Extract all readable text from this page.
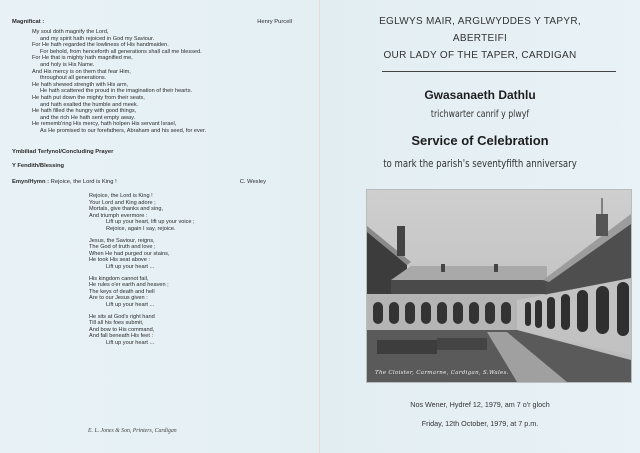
Magnificat :	Henry Purcell
My soul doth magnify the Lord,
and my spirit hath rejoiced in God my Saviour.
For He hath regarded the lowliness of His handmaiden.
For behold, from henceforth all generations shall call me blessed.
For He that is mighty hath magnified me,
and holy is His Name.
And His mercy is on them that fear Him,
throughout all generations.
He hath shewed strength with His arm,
He hath scattered the proud in the imagination of their hearts.
He hath put down the mighty from their seats,
and hath exalted the humble and meek.
He hath filled the hungry with good things,
and the rich He hath sent empty away.
He rememb'ring His mercy, hath holpen His servant Israel,
As He promised to our forefathers, Abraham and his seed, for ever.
Ymbiliad Terfynol/Concluding Prayer
Y Fendith/Blessing
Emyn/Hymn : Rejoice, the Lord is King !	C. Wesley
Rejoice, the Lord is King !
Your Lord and King adore ;
Mortals, give thanks and sing,
And triumph evermore :
Lift up your heart, lift up your voice ;
Rejoice, again I say, rejoice.
Jesus, the Saviour, reigns,
The God of truth and love ;
When He had purged our stains,
He took His seat above :
Lift up your heart ...
His kingdom cannot fail,
He rules o'er earth and heaven ;
The keys of death and hell
Are to our Jesus given :
Lift up your heart ...
He sits at God's right hand
Till all his foes submit,
And bow to His command,
And fall beneath His feet :
Lift up your heart ...
E. L. Jones & Son, Printers, Cardigan
EGLWYS MAIR, ARGLWYDDES Y TAPYR,
ABERTEIFI
OUR LADY OF THE TAPER, CARDIGAN
Gwasanaeth Dathlu
trichwarter canrif y plwyf
Service of Celebration
to mark the parish's seventyfifth anniversary
Nos Wener, Hydref 12, 1979, am 7 o'r gloch
Friday, 12th October, 1979, at 7 p.m.
The Cloister, Carmarne, Cardigan, S.Wales.
